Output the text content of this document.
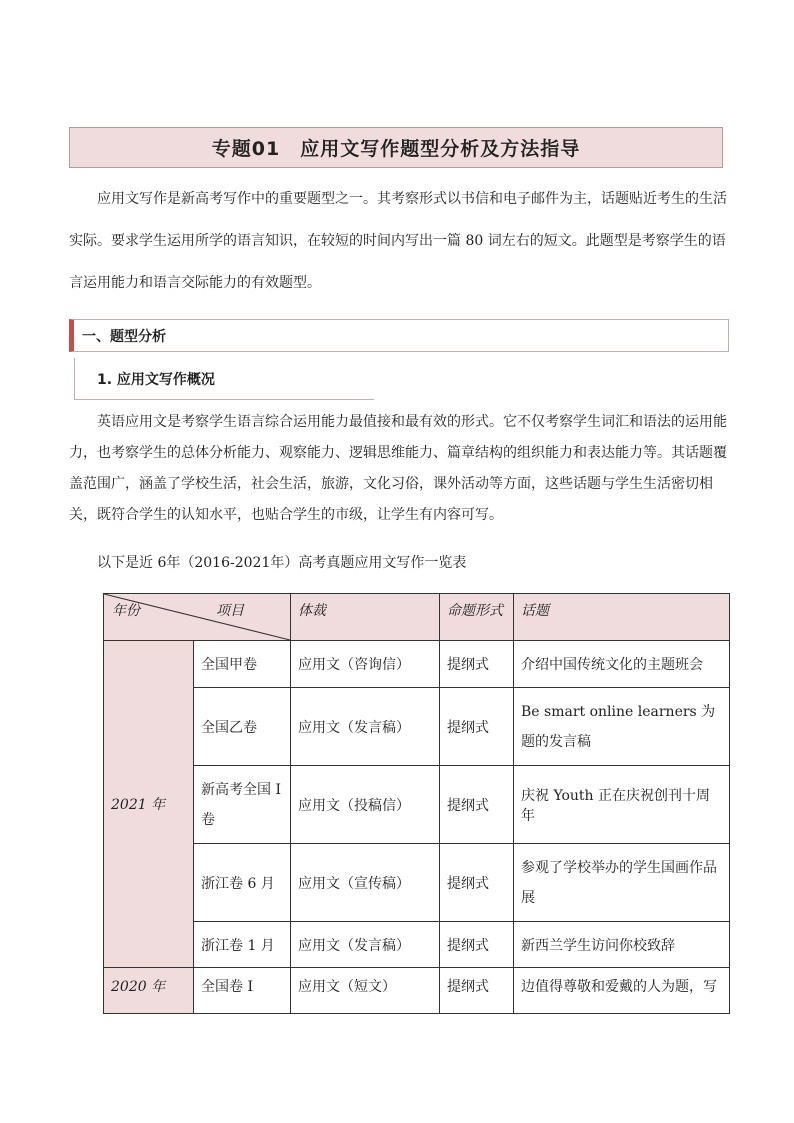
专题01　应用文写作题型分析及方法指导

应用文写作是新高考写作中的重要题型之一。其考察形式以书信和电子邮件为主，话题贴近考生的生活实际。要求学生运用所学的语言知识，在较短的时间内写出一篇 80 词左右的短文。此题型是考察学生的语言运用能力和语言交际能力的有效题型。

一、题型分析
1. 应用文写作概况

英语应用文是考察学生语言综合运用能力最值接和最有效的形式。它不仅考察学生词汇和语法的运用能力，也考察学生的总体分析能力、观察能力、逻辑思维能力、篇章结构的组织能力和表达能力等。其话题覆盖范围广，涵盖了学校生活，社会生活，旅游，文化习俗，课外活动等方面，这些话题与学生生活密切相关，既符合学生的认知水平，也贴合学生的市级，让学生有内容可写。

以下是近 6年（2016-2021年）高考真题应用文写作一览表

年份 项目		体裁	命题形式	话题
2021 年	全国甲卷	应用文（咨询信）	提纲式	介绍中国传统文化的主题班会
	全国乙卷	应用文（发言稿）	提纲式	Be smart online learners 为题的发言稿
	新高考全国 I 卷	应用文（投稿信）	提纲式	庆祝 Youth 正在庆祝创刊十周年
	浙江卷 6 月	应用文（宣传稿）	提纲式	参观了学校举办的学生国画作品展
	浙江卷 1 月	应用文（发言稿）	提纲式	新西兰学生访问你校致辞
2020 年	全国卷 I	应用文（短文）	提纲式	边值得尊敬和爱戴的人为题，写
